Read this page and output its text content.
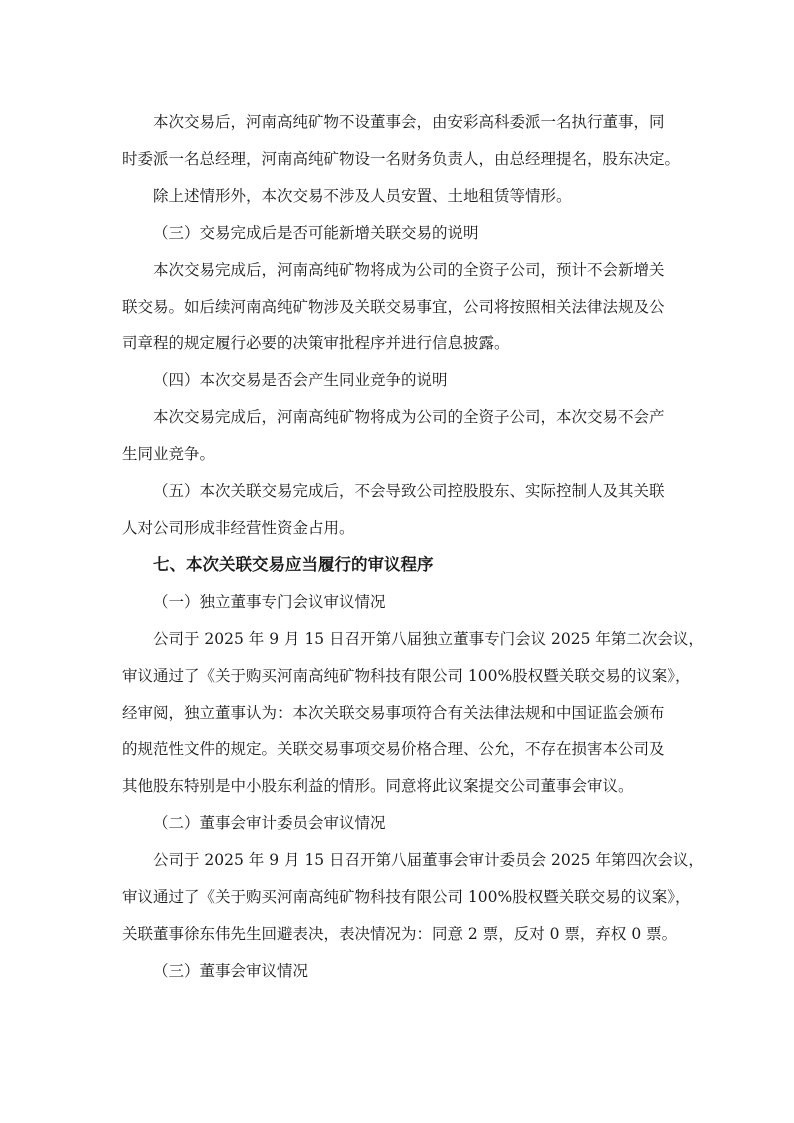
本次交易后，河南高纯矿物不设董事会，由安彩高科委派一名执行董事，同

时委派一名总经理，河南高纯矿物设一名财务负责人，由总经理提名，股东决定。

除上述情形外，本次交易不涉及人员安置、土地租赁等情形。

（三）交易完成后是否可能新增关联交易的说明

本次交易完成后，河南高纯矿物将成为公司的全资子公司，预计不会新增关

联交易。如后续河南高纯矿物涉及关联交易事宜，公司将按照相关法律法规及公

司章程的规定履行必要的决策审批程序并进行信息披露。

（四）本次交易是否会产生同业竞争的说明

本次交易完成后，河南高纯矿物将成为公司的全资子公司，本次交易不会产

生同业竞争。

（五）本次关联交易完成后，不会导致公司控股股东、实际控制人及其关联

人对公司形成非经营性资金占用。

七、本次关联交易应当履行的审议程序

（一）独立董事专门会议审议情况

公司于 2025 年 9 月 15 日召开第八届独立董事专门会议 2025 年第二次会议，

审议通过了《关于购买河南高纯矿物科技有限公司 100%股权暨关联交易的议案》，

经审阅，独立董事认为：本次关联交易事项符合有关法律法规和中国证监会颁布

的规范性文件的规定。关联交易事项交易价格合理、公允，不存在损害本公司及

其他股东特别是中小股东利益的情形。同意将此议案提交公司董事会审议。

（二）董事会审计委员会审议情况

公司于 2025 年 9 月 15 日召开第八届董事会审计委员会 2025 年第四次会议，

审议通过了《关于购买河南高纯矿物科技有限公司 100%股权暨关联交易的议案》，

关联董事徐东伟先生回避表决，表决情况为：同意 2 票，反对 0 票，弃权 0 票。

（三）董事会审议情况
